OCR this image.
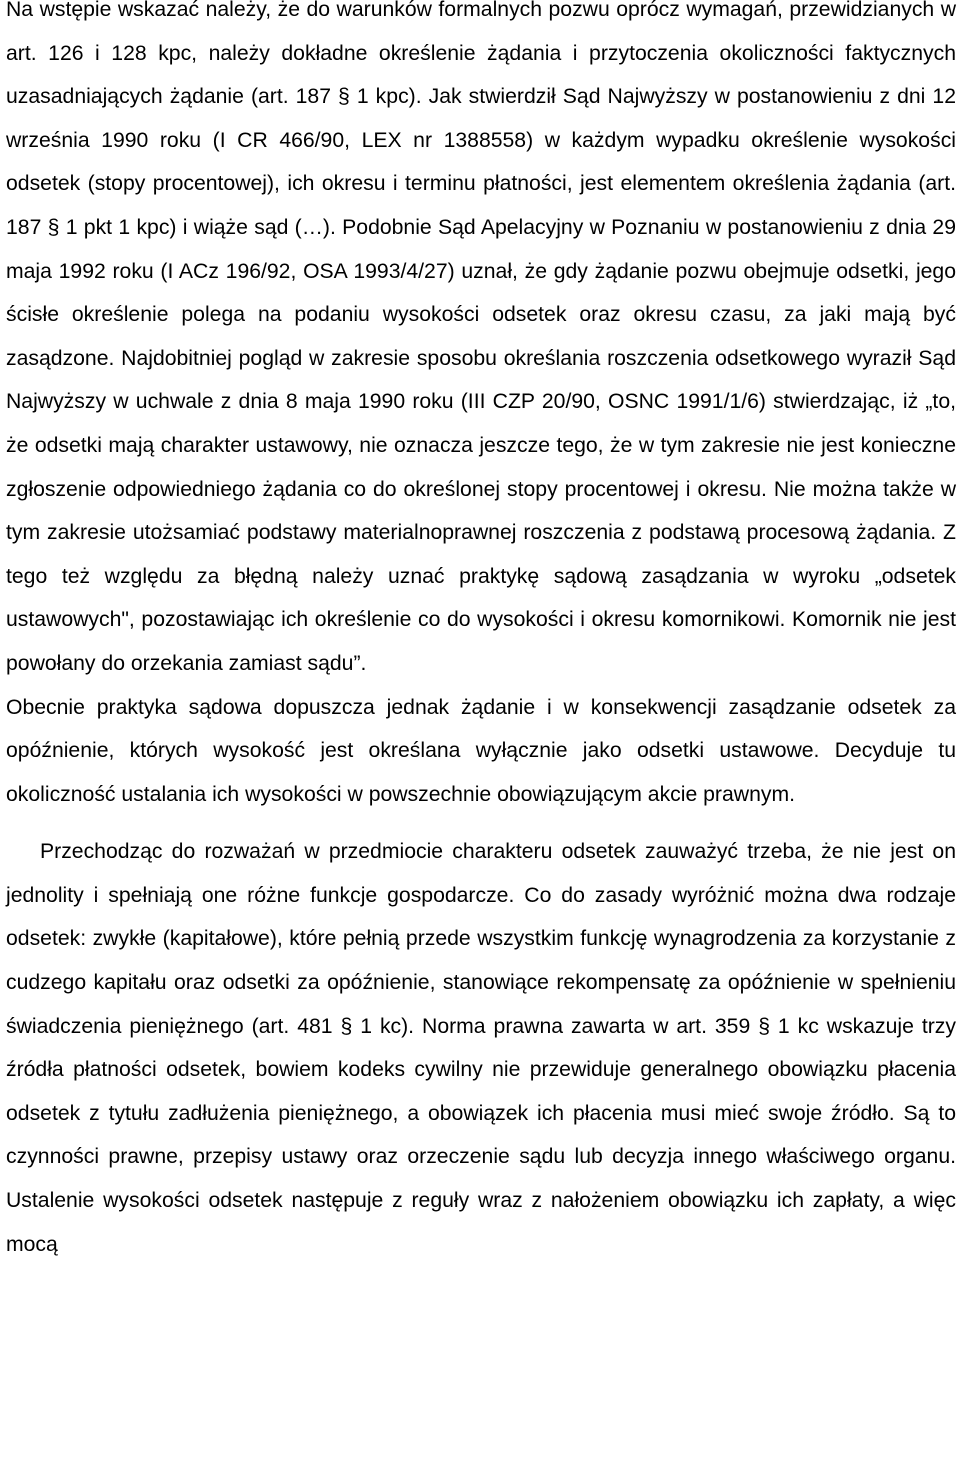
Na wstępie wskazać należy, że do warunków formalnych pozwu oprócz wymagań, przewidzianych w art. 126 i 128 kpc, należy dokładne określenie żądania i przytoczenia okoliczności faktycznych uzasadniających żądanie (art. 187 § 1 kpc). Jak stwierdził Sąd Najwyższy w postanowieniu z dni 12 września 1990 roku (I CR 466/90, LEX nr 1388558) w każdym wypadku określenie wysokości odsetek (stopy procentowej), ich okresu i terminu płatności, jest elementem określenia żądania (art. 187 § 1 pkt 1 kpc) i wiąże sąd (…). Podobnie Sąd Apelacyjny w Poznaniu w postanowieniu z dnia 29 maja 1992 roku (I ACz 196/92, OSA 1993/4/27) uznał, że gdy żądanie pozwu obejmuje odsetki, jego ścisłe określenie polega na podaniu wysokości odsetek oraz okresu czasu, za jaki mają być zasądzone. Najdobitniej pogląd w zakresie sposobu określania roszczenia odsetkowego wyraził Sąd Najwyższy w uchwale z dnia 8 maja 1990 roku (III CZP 20/90, OSNC 1991/1/6) stwierdzając, iż „to, że odsetki mają charakter ustawowy, nie oznacza jeszcze tego, że w tym zakresie nie jest konieczne zgłoszenie odpowiedniego żądania co do określonej stopy procentowej i okresu. Nie można także w tym zakresie utożsamiać podstawy materialnoprawnej roszczenia z podstawą procesową żądania. Z tego też względu za błędną należy uznać praktykę sądową zasądzania w wyroku „odsetek ustawowych", pozostawiając ich określenie co do wysokości i okresu komornikowi. Komornik nie jest powołany do orzekania zamiast sądu”.

Obecnie praktyka sądowa dopuszcza jednak żądanie i w konsekwencji zasądzanie odsetek za opóźnienie, których wysokość jest określana wyłącznie jako odsetki ustawowe. Decyduje tu okoliczność ustalania ich wysokości w powszechnie obowiązującym akcie prawnym.

Przechodząc do rozważań w przedmiocie charakteru odsetek zauważyć trzeba, że nie jest on jednolity i spełniają one różne funkcje gospodarcze. Co do zasady wyróżnić można dwa rodzaje odsetek: zwykłe (kapitałowe), które pełnią przede wszystkim funkcję wynagrodzenia za korzystanie z cudzego kapitału oraz odsetki za opóźnienie, stanowiące rekompensatę za opóźnienie w spełnieniu świadczenia pieniężnego (art. 481 § 1 kc). Norma prawna zawarta w art. 359 § 1 kc wskazuje trzy źródła płatności odsetek, bowiem kodeks cywilny nie przewiduje generalnego obowiązku płacenia odsetek z tytułu zadłużenia pieniężnego, a obowiązek ich płacenia musi mieć swoje źródło. Są to czynności prawne, przepisy ustawy oraz orzeczenie sądu lub decyzja innego właściwego organu. Ustalenie wysokości odsetek następuje z reguły wraz z nałożeniem obowiązku ich zapłaty, a więc mocą
